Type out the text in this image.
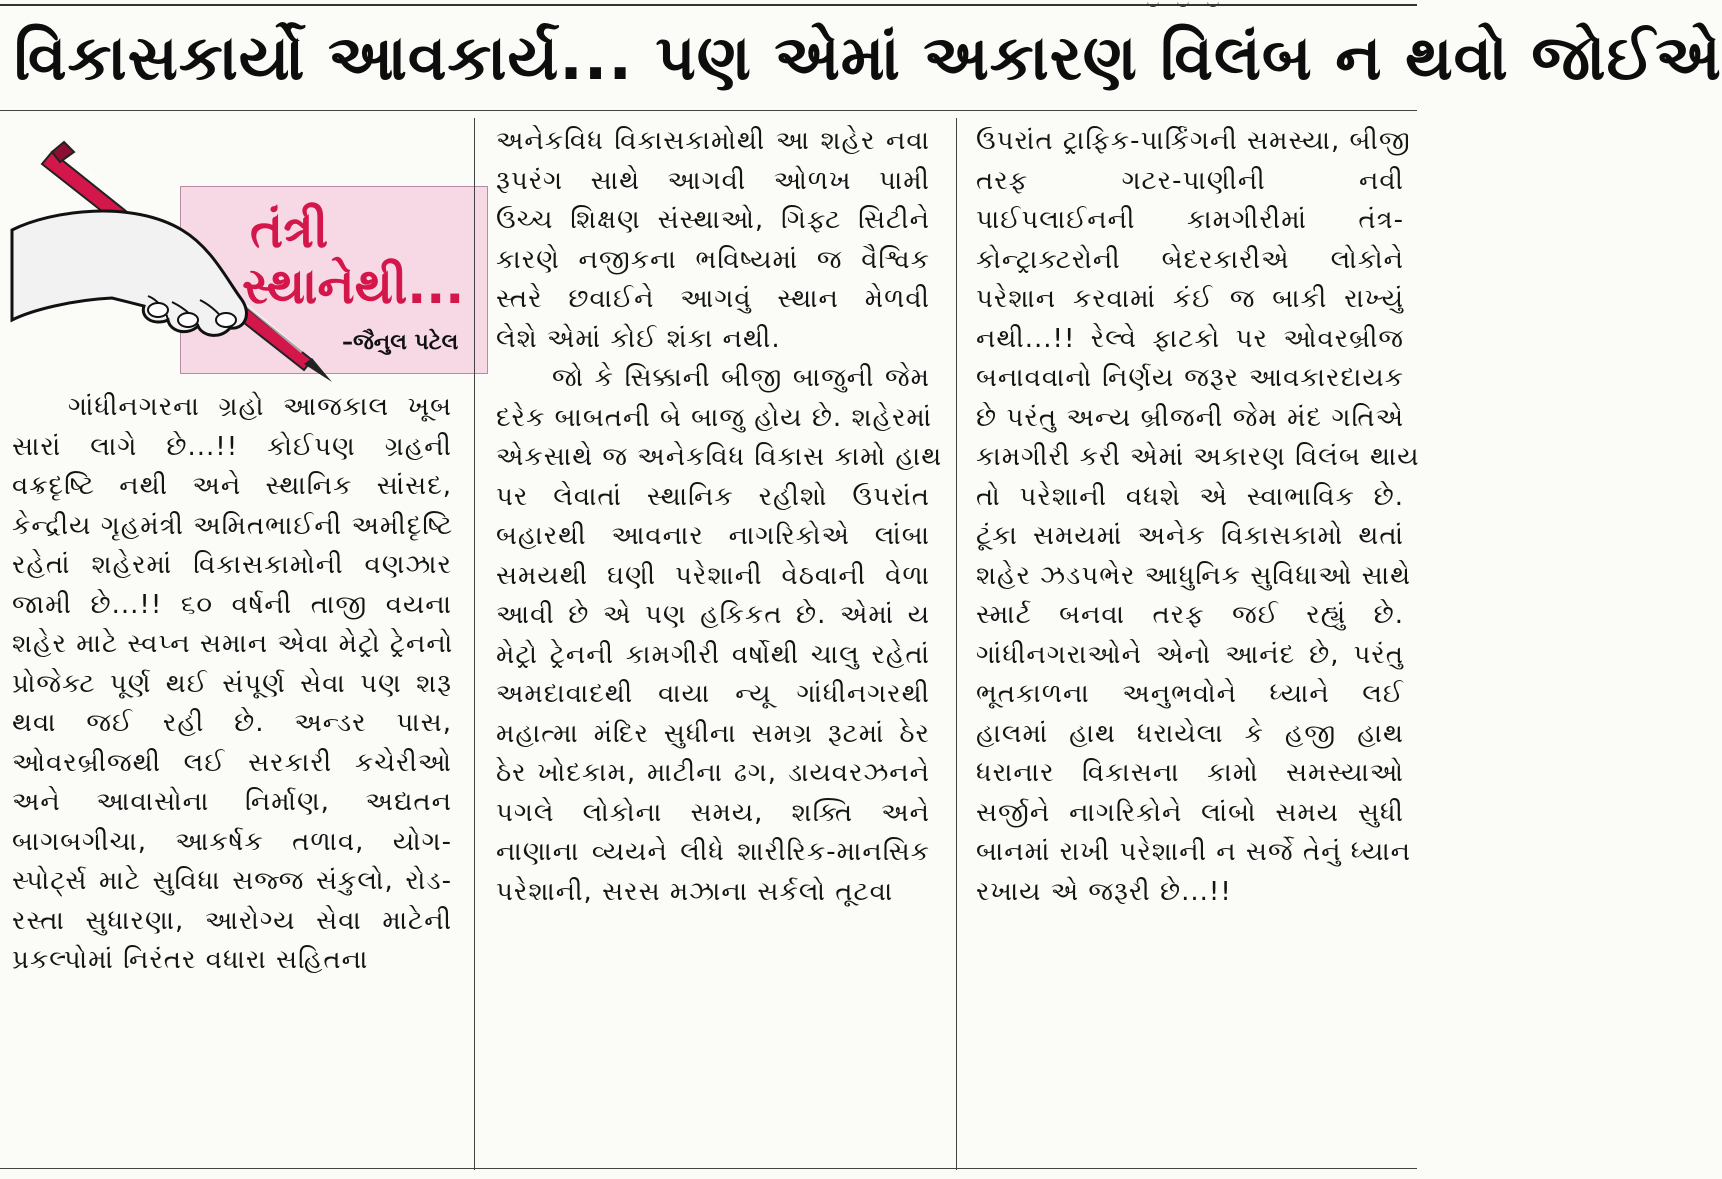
વિકાસકાર્યો આવકાર્ય... પણ એમાં અકારણ વિલંબ ન થવો જોઈએ
તંત્રી
સ્થાનેથી...
–જૈનુલ પટેલ
ગાંધીનગરના ગ્રહો આજકાલ ખૂબ
સારાં લાગે છે...!! કોઈપણ ગ્રહની
વક્રદૃષ્ટિ નથી અને સ્થાનિક સાંસદ,
કેન્દ્રીય ગૃહમંત્રી અમિતભાઈની અમીદૃષ્ટિ
રહેતાં શહેરમાં વિકાસકામોની વણઝાર
જામી છે...!! ૬૦ વર્ષની તાજી વયના
શહેર માટે સ્વપ્ન સમાન એવા મેટ્રો ટ્રેનનો
પ્રોજેક્ટ પૂર્ણ થઈ સંપૂર્ણ સેવા પણ શરૂ
થવા જઈ રહી છે. અન્ડર પાસ,
ઓવરબ્રીજથી લઈ સરકારી કચેરીઓ
અને આવાસોના નિર્માણ, અદ્યતન
બાગબગીચા, આકર્ષક તળાવ, યોગ-
સ્પોર્ટ્સ માટે સુવિધા સજ્જ સંકુલો, રોડ-
રસ્તા સુધારણા, આરોગ્ય સેવા માટેની
પ્રકલ્પોમાં નિરંતર વધારા સહિતના
અનેકવિધ વિકાસકામોથી આ શહેર નવા
રૂપરંગ સાથે આગવી ઓળખ પામી
ઉચ્ચ શિક્ષણ સંસ્થાઓ, ગિફ્ટ સિટીને
કારણે નજીકના ભવિષ્યમાં જ વૈશ્વિક
સ્તરે છવાઈને આગવું સ્થાન મેળવી
લેશે એમાં કોઈ શંકા નથી.
જો કે સિક્કાની બીજી બાજુની જેમ
દરેક બાબતની બે બાજુ હોય છે. શહેરમાં
એકસાથે જ અનેકવિધ વિકાસ કામો હાથ
પર લેવાતાં સ્થાનિક રહીશો ઉપરાંત
બહારથી આવનાર નાગરિકોએ લાંબા
સમયથી ઘણી પરેશાની વેઠવાની વેળા
આવી છે એ પણ હકિકત છે. એમાં ય
મેટ્રો ટ્રેનની કામગીરી વર્ષોથી ચાલુ રહેતાં
અમદાવાદથી વાયા ન્યૂ ગાંધીનગરથી
મહાત્મા મંદિર સુધીના સમગ્ર રૂટમાં ઠેર
ઠેર ખોદકામ, માટીના ઢગ, ડાયવરઝનને
પગલે લોકોના સમય, શક્તિ અને
નાણાના વ્યયને લીધે શારીરિક-માનસિક
પરેશાની, સરસ મઝાના સર્કલો તૂટવા
ઉપરાંત ટ્રાફિક-પાર્કિંગની સમસ્યા, બીજી
તરફ ગટર-પાણીની નવી
પાઈપલાઈનની કામગીરીમાં તંત્ર-
કોન્ટ્રાક્ટરોની બેદરકારીએ લોકોને
પરેશાન કરવામાં કંઈ જ બાકી રાખ્યું
નથી...!! રેલ્વે ફાટકો પર ઓવરબ્રીજ
બનાવવાનો નિર્ણય જરૂર આવકારદાયક
છે પરંતુ અન્ય બ્રીજની જેમ મંદ ગતિએ
કામગીરી કરી એમાં અકારણ વિલંબ થાય
તો પરેશાની વધશે એ સ્વાભાવિક છે.
ટૂંકા સમયમાં અનેક વિકાસકામો થતાં
શહેર ઝડપભેર આધુનિક સુવિધાઓ સાથે
સ્માર્ટ બનવા તરફ જઈ રહ્યું છે.
ગાંધીનગરાઓને એનો આનંદ છે, પરંતુ
ભૂતકાળના અનુભવોને ધ્યાને લઈ
હાલમાં હાથ ધરાયેલા કે હજી હાથ
ધરાનાર વિકાસના કામો સમસ્યાઓ
સર્જીને નાગરિકોને લાંબો સમય સુધી
બાનમાં રાખી પરેશાની ન સર્જે તેનું ધ્યાન
રખાય એ જરૂરી છે...!!
